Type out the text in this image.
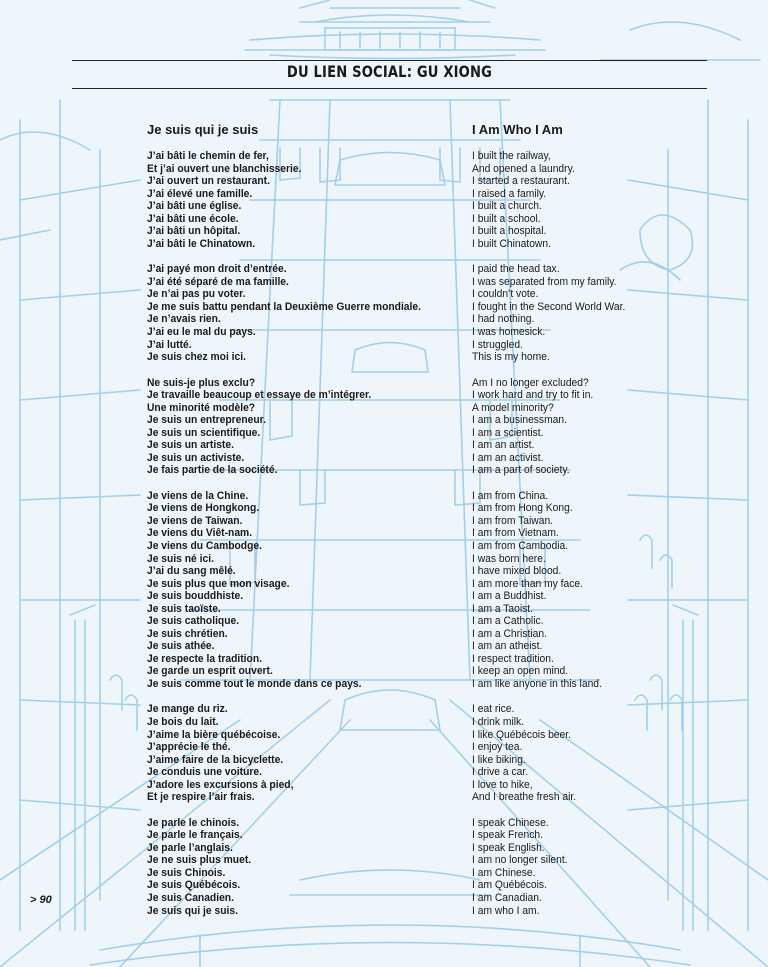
DU LIEN SOCIAL: GU XIONG
Je suis qui je suis
J’ai bâti le chemin de fer,
Et j’ai ouvert une blanchisserie.
J’ai ouvert un restaurant.
J’ai élevé une famille.
J’ai bâti une église.
J’ai bâti une école.
J’ai bâti un hôpital.
J’ai bâti le Chinatown.
J’ai payé mon droit d’entrée.
J’ai été séparé de ma famille.
Je n’ai pas pu voter.
Je me suis battu pendant la Deuxième Guerre mondiale.
Je n’avais rien.
J’ai eu le mal du pays.
J’ai lutté.
Je suis chez moi ici.
Ne suis-je plus exclu?
Je travaille beaucoup et essaye de m’intégrer.
Une minorité modèle?
Je suis un entrepreneur.
Je suis un scientifique.
Je suis un artiste.
Je suis un activiste.
Je fais partie de la société.
Je viens de la Chine.
Je viens de Hongkong.
Je viens de Taiwan.
Je viens du Viêt-nam.
Je viens du Cambodge.
Je suis né ici.
J’ai du sang mêlé.
Je suis plus que mon visage.
Je suis bouddhiste.
Je suis taoïste.
Je suis catholique.
Je suis chrétien.
Je suis athée.
Je respecte la tradition.
Je garde un esprit ouvert.
Je suis comme tout le monde dans ce pays.
Je mange du riz.
Je bois du lait.
J’aime la bière québécoise.
J’apprécie le thé.
J’aime faire de la bicyclette.
Je conduis une voiture.
J’adore les excursions à pied,
Et je respire l’air frais.
Je parle le chinois.
Je parle le français.
Je parle l’anglais.
Je ne suis plus muet.
Je suis Chinois.
Je suis Québécois.
Je suis Canadien.
Je suis qui je suis.
I Am Who I Am
I built the railway,
And opened a laundry.
I started a restaurant.
I raised a family.
I built a church.
I built a school.
I built a hospital.
I built Chinatown.
I paid the head tax.
I was separated from my family.
I couldn’t vote.
I fought in the Second World War.
I had nothing.
I was homesick.
I struggled.
This is my home.
Am I no longer excluded?
I work hard and try to fit in.
A model minority?
I am a businessman.
I am a scientist.
I am an artist.
I am an activist.
I am a part of society.
I am from China.
I am from Hong Kong.
I am from Taiwan.
I am from Vietnam.
I am from Cambodia.
I was born here.
I have mixed blood.
I am more than my face.
I am a Buddhist.
I am a Taoist.
I am a Catholic.
I am a Christian.
I am an atheist.
I respect tradition.
I keep an open mind.
I am like anyone in this land.
I eat rice.
I drink milk.
I like Québécois beer.
I enjoy tea.
I like biking.
I drive a car.
I love to hike,
And I breathe fresh air.
I speak Chinese.
I speak French.
I speak English.
I am no longer silent.
I am Chinese.
I am Québécois.
I am Canadian.
I am who I am.
> 90
